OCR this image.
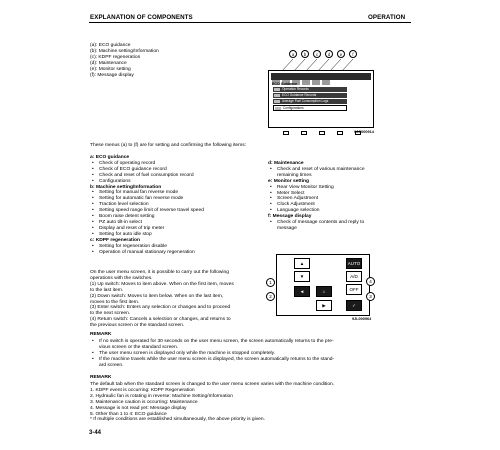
EXPLANATION OF COMPONENTS	OPERATION
(a): ECO guidance
(b): Machine setting/Information
(c): KDPF regeneration
(d): Maintenance
(e): Monitor setting
(f): Message display
a	b	c	d	e	f
ECO Guidance
Operation Records
ECO Guidance Records
Average Fuel Consumption Logs
Configurations
9JG000914
These menus (a) to (f) are for setting and confirming the following items:
a: ECO guidance
• Check of operating record
• Check of ECO guidance record
• Check and reset of fuel consumption record
• Configurations
b: Machine setting/Information
• Setting for manual fan reverse mode
• Setting for automatic fan reverse mode
• Traction level selection
• Setting speed range limit of reverse travel speed
• Boom raise detent setting
• PZ auto tilt-in select
• Display and reset of trip meter
• Setting for auto idle stop
c: KDPF regeneration
• Setting for regeneration disable
• Operation of manual stationary regeneration
d: Maintenance
• Check and reset of various maintenance
remaining times
e: Monitor setting
• Rear View Monitor Setting
• Meter Select
• Screen Adjustment
• Clock Adjustment
• Language selection
f: Message display
• Check of message contents and reply to
message
On the user menu screen, it is possible to carry out the following
operations with the switches.
(1) Up switch: Moves to item above. When on the first item, moves
to the last item.
(2) Down switch: Moves to item below. When on the last item,
moves to the first item.
(3) Enter switch: Enters any selection or changes and to proceed
to the next screen.
(4) Return switch: Cancels a selection or changes, and returns to
the previous screen or the standard screen.
▲
▼
◄	⌂
▶
AUTO
A/D
OFF
✓
1
2	3
4
9JL000964
REMARK
• If no switch is operated for 30 seconds on the user menu screen, the screen automatically returns to the pre-
vious screen or the standard screen.
• The user menu screen is displayed only while the machine is stopped completely.
• If the machine travels while the user menu screen is displayed, the screen automatically returns to the stand-
ard screen.
REMARK
The default tab when the standard screen is changed to the user menu screen varies with the machine condition.
1. KDPF event is occurring: KDPF Regeneration
2. Hydraulic fan is rotating in reverse: Machine Setting/Information
3. Maintenance caution is occurring: Maintenance
4. Message is not read yet: Message display
5. Other than 1 to 4: ECO guidance
* If multiple conditions are established simultaneously, the above priority is given.
3-44
